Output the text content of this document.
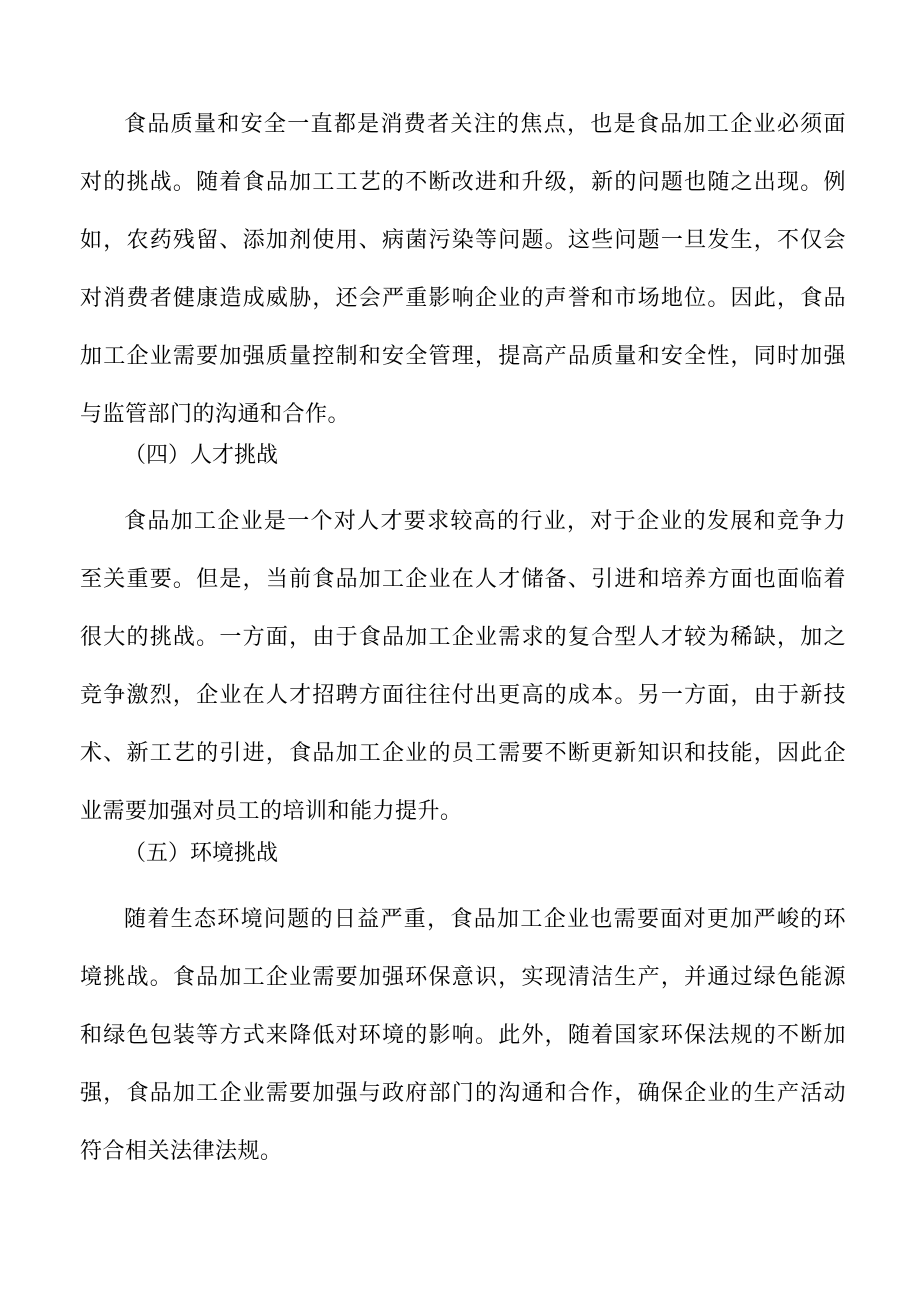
食品质量和安全一直都是消费者关注的焦点，也是食品加工企业必须面
对的挑战。随着食品加工工艺的不断改进和升级，新的问题也随之出现。例
如，农药残留、添加剂使用、病菌污染等问题。这些问题一旦发生，不仅会
对消费者健康造成威胁，还会严重影响企业的声誉和市场地位。因此，食品
加工企业需要加强质量控制和安全管理，提高产品质量和安全性，同时加强
与监管部门的沟通和合作。
（四）人才挑战
食品加工企业是一个对人才要求较高的行业，对于企业的发展和竞争力
至关重要。但是，当前食品加工企业在人才储备、引进和培养方面也面临着
很大的挑战。一方面，由于食品加工企业需求的复合型人才较为稀缺，加之
竞争激烈，企业在人才招聘方面往往付出更高的成本。另一方面，由于新技
术、新工艺的引进，食品加工企业的员工需要不断更新知识和技能，因此企
业需要加强对员工的培训和能力提升。
（五）环境挑战
随着生态环境问题的日益严重，食品加工企业也需要面对更加严峻的环
境挑战。食品加工企业需要加强环保意识，实现清洁生产，并通过绿色能源
和绿色包装等方式来降低对环境的影响。此外，随着国家环保法规的不断加
强，食品加工企业需要加强与政府部门的沟通和合作，确保企业的生产活动
符合相关法律法规。
